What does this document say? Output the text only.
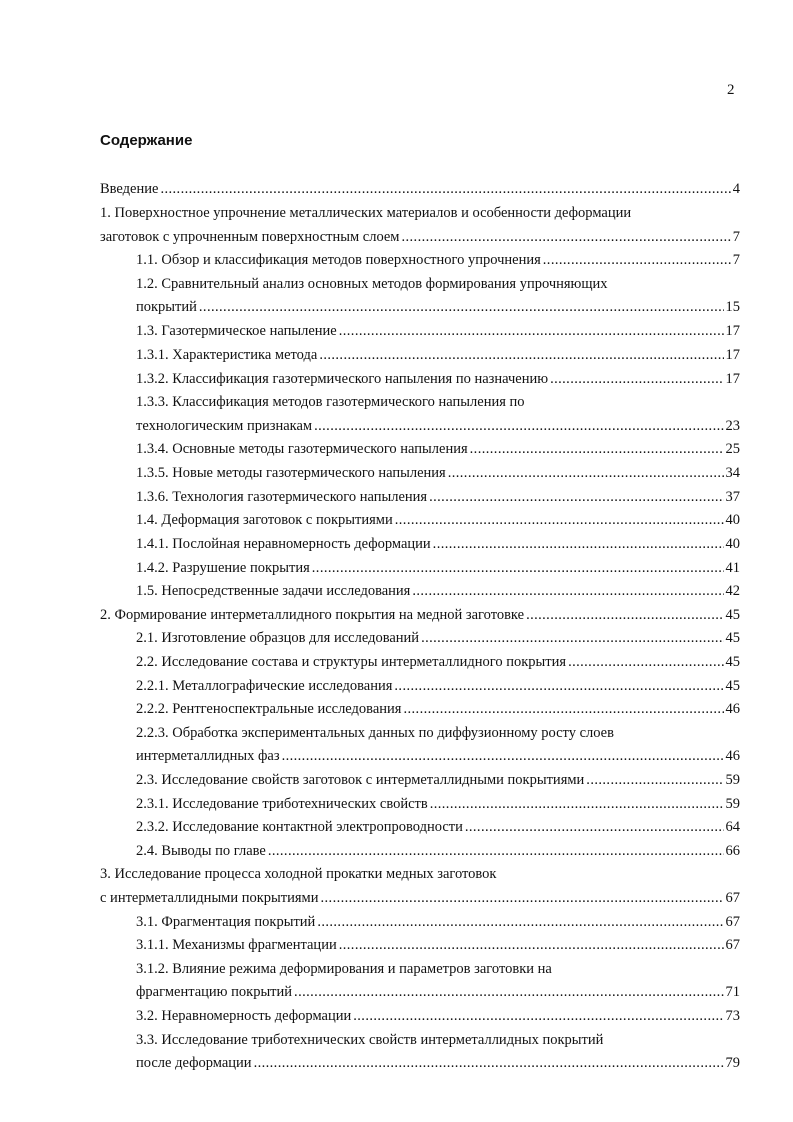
2
Содержание
Введение .....	4
1. Поверхностное упрочнение металлических материалов и особенности деформации
заготовок с упрочненным поверхностным слоем .....	7
1.1. Обзор и классификация методов поверхностного упрочнения .....	7
1.2. Сравнительный анализ основных методов формирования упрочняющих
покрытий .....	15
1.3. Газотермическое напыление .....	17
1.3.1. Характеристика метода .....	17
1.3.2. Классификация газотермического напыления по назначению .....	17
1.3.3. Классификация методов газотермического напыления по
технологическим признакам .....	23
1.3.4. Основные методы газотермического напыления .....	25
1.3.5. Новые методы газотермического напыления .....	34
1.3.6. Технология газотермического напыления .....	37
1.4. Деформация заготовок с покрытиями .....	40
1.4.1. Послойная неравномерность деформации .....	40
1.4.2. Разрушение покрытия .....	41
1.5. Непосредственные задачи исследования .....	42
2. Формирование интерметаллидного покрытия на медной заготовке .....	45
2.1. Изготовление образцов для исследований .....	45
2.2. Исследование состава и структуры интерметаллидного покрытия .....	45
2.2.1. Металлографические исследования .....	45
2.2.2. Рентгеноспектральные исследования .....	46
2.2.3. Обработка экспериментальных данных по диффузионному росту слоев
интерметаллидных фаз .....	46
2.3. Исследование свойств заготовок с интерметаллидными покрытиями .....	59
2.3.1. Исследование триботехнических свойств .....	59
2.3.2. Исследование контактной электропроводности .....	64
2.4. Выводы по главе .....	66
3. Исследование процесса холодной прокатки медных заготовок
с интерметаллидными покрытиями .....	67
3.1. Фрагментация покрытий .....	67
3.1.1. Механизмы фрагментации .....	67
3.1.2. Влияние режима деформирования и параметров заготовки на
фрагментацию покрытий .....	71
3.2. Неравномерность деформации .....	73
3.3. Исследование триботехнических свойств интерметаллидных покрытий
после деформации .....	79
